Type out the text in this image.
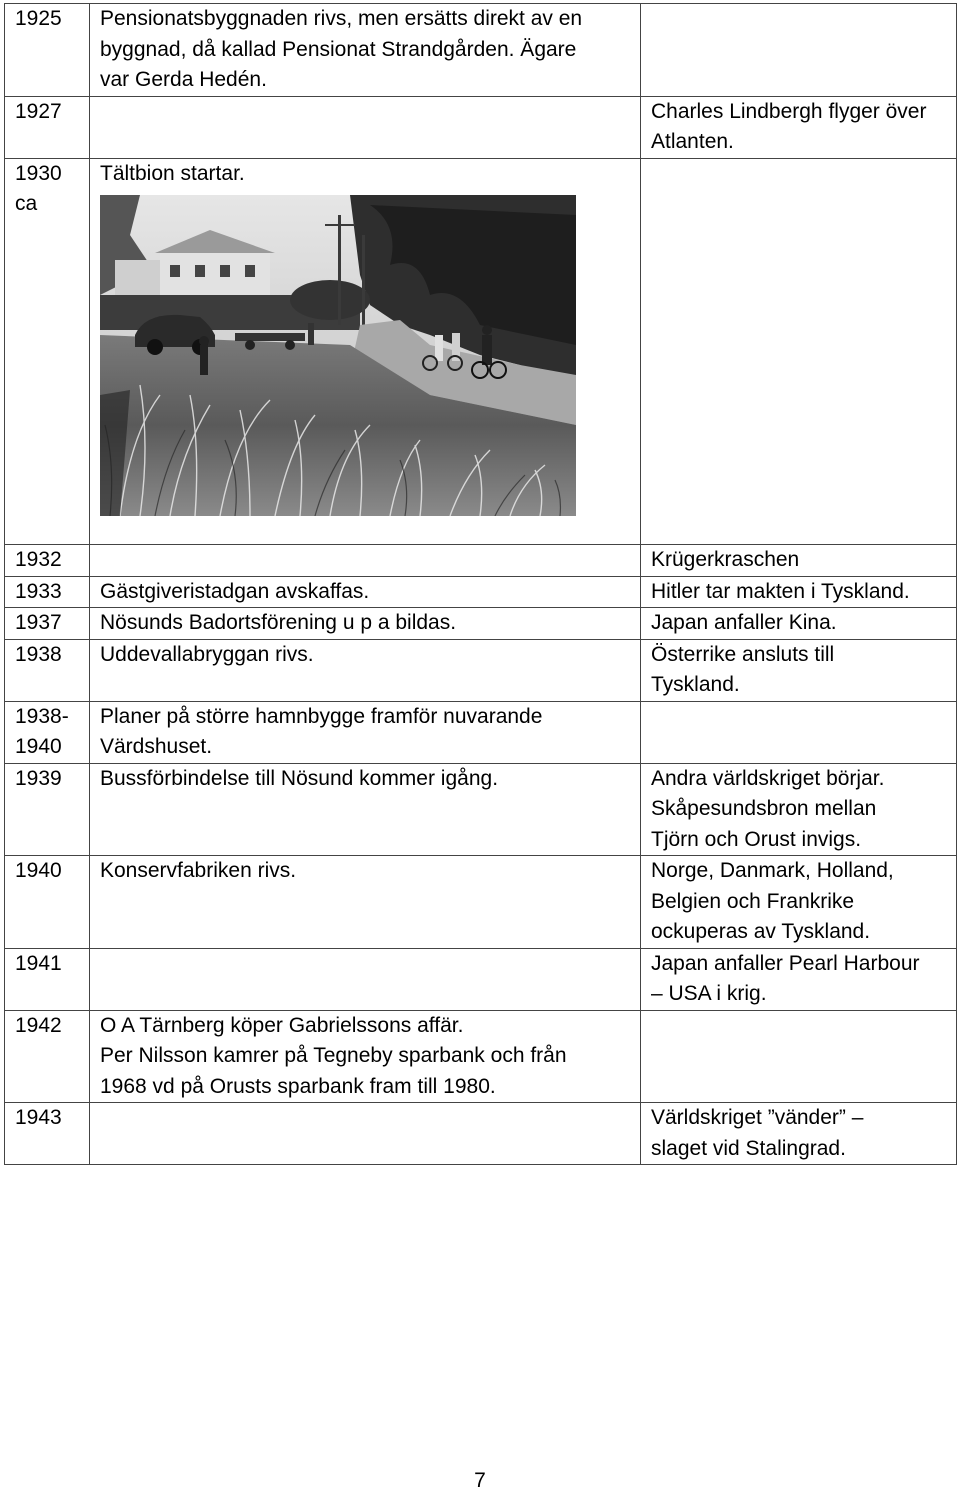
1925	Pensionatsbyggnaden rivs, men ersätts direkt av en
byggnad, då kallad Pensionat Strandgården. Ägare
var Gerda Hedén.	

1927		Charles Lindbergh flyger över
Atlanten.

1930
ca	Tältbion startar.	

1932		Krügerkraschen

1933	Gästgiveristadgan avskaffas.	Hitler tar makten i Tyskland.

1937	Nösunds Badortsförening u p a bildas.	Japan anfaller Kina.

1938	Uddevallabryggan rivs.	Österrike ansluts till
Tyskland.

1938-
1940	Planer på större hamnbygge framför nuvarande
Värdshuset.	

1939	Bussförbindelse till Nösund kommer igång.	Andra världskriget börjar.
Skåpesundsbron mellan
Tjörn och Orust invigs.

1940	Konservfabriken rivs.	Norge, Danmark, Holland,
Belgien och Frankrike
ockuperas av Tyskland.

1941		Japan anfaller Pearl Harbour
– USA i krig.

1942	O A Tärnberg köper Gabrielssons affär.
Per Nilsson kamrer på Tegneby sparbank och från
1968 vd på Orusts sparbank fram till 1980.	

1943		Världskriget ”vänder” –
slaget vid Stalingrad.
7
